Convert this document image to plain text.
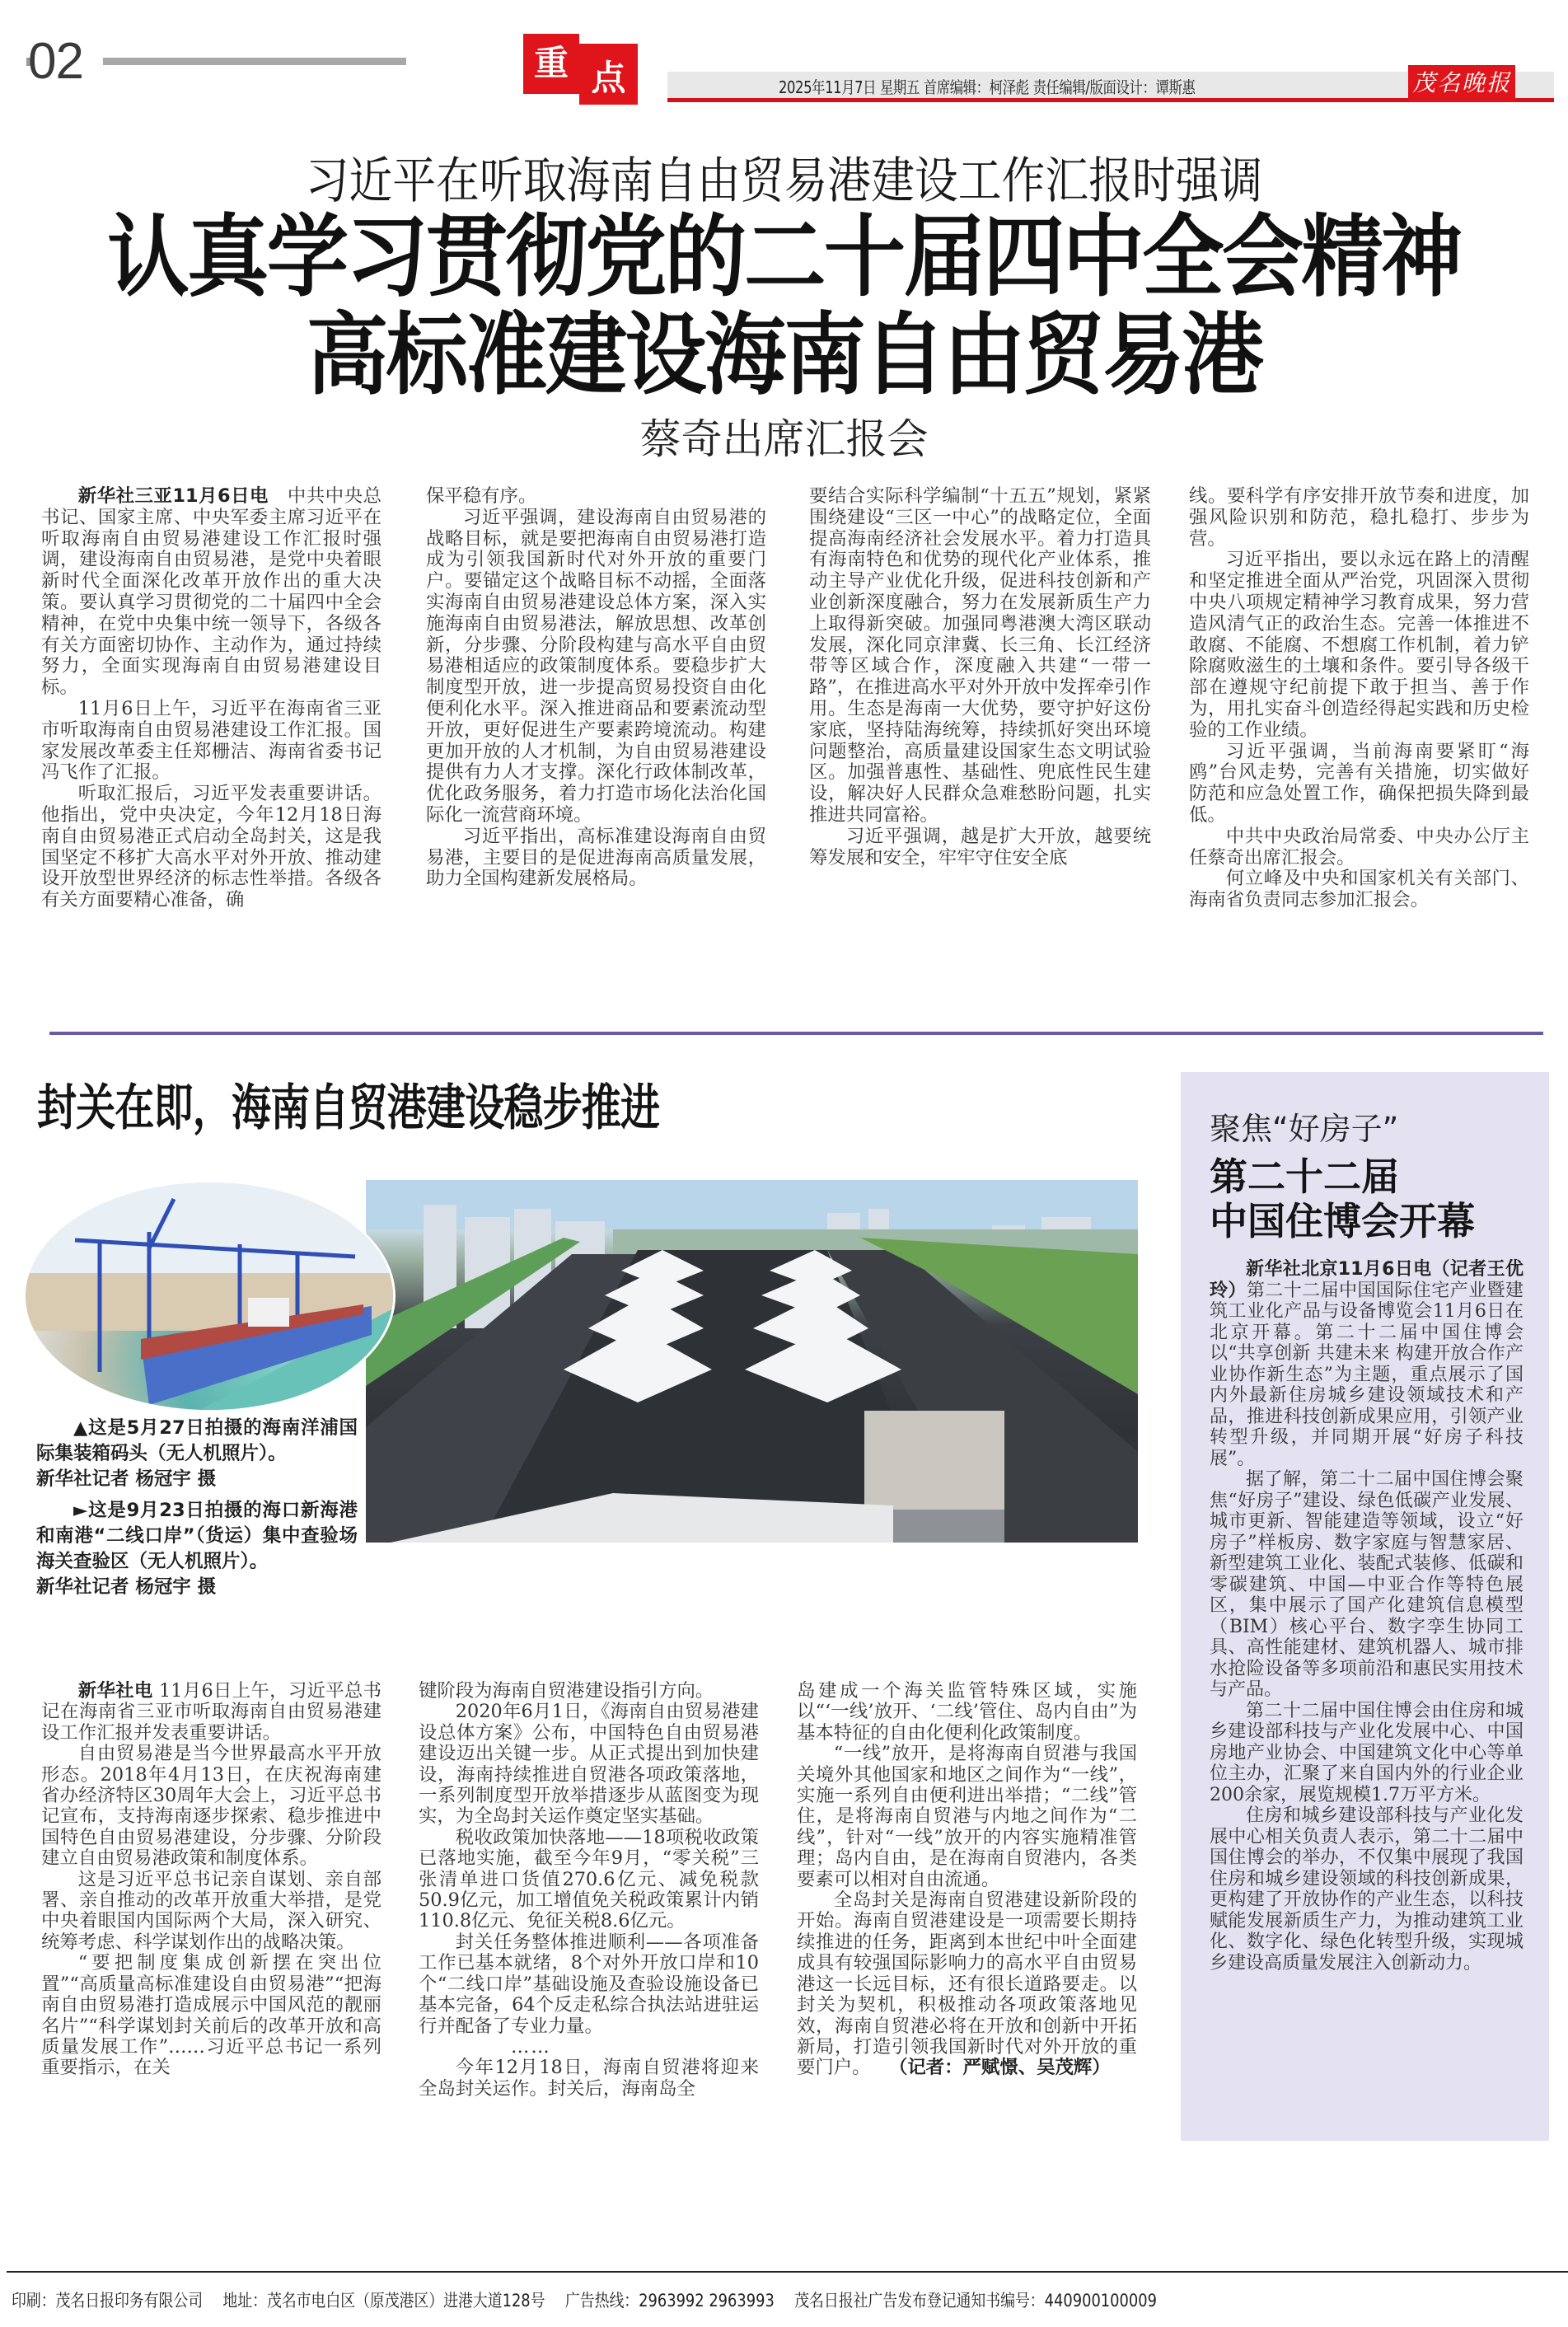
02	重 点	2025年11月7日 星期五 首席编辑：柯泽彪 责任编辑/版面设计：谭斯惠	茂名晚报
习近平在听取海南自由贸易港建设工作汇报时强调
认真学习贯彻党的二十届四中全会精神
高标准建设海南自由贸易港
蔡奇出席汇报会

新华社三亚11月6日电　 中共中央总书记、国家主席、中央军委主席习近平在听取海南自由贸易港建设工作汇报时强调，建设海南自由贸易港，是党中央着眼新时代全面深化改革开放作出的重大决策。要认真学习贯彻党的二十届四中全会精神，在党中央集中统一领导下，各级各有关方面密切协作、主动作为，通过持续努力，全面实现海南自由贸易港建设目标。

11月6日上午，习近平在海南省三亚市听取海南自由贸易港建设工作汇报。国家发展改革委主任郑栅洁、海南省委书记冯飞作了汇报。

听取汇报后，习近平发表重要讲话。他指出，党中央决定，今年12月18日海南自由贸易港正式启动全岛封关，这是我国坚定不移扩大高水平对外开放、推动建设开放型世界经济的标志性举措。各级各有关方面要精心准备，确

保平稳有序。

习近平强调，建设海南自由贸易港的战略目标，就是要把海南自由贸易港打造成为引领我国新时代对外开放的重要门户。要锚定这个战略目标不动摇，全面落实海南自由贸易港建设总体方案，深入实施海南自由贸易港法，解放思想、改革创新，分步骤、分阶段构建与高水平自由贸易港相适应的政策制度体系。要稳步扩大制度型开放，进一步提高贸易投资自由化便利化水平。深入推进商品和要素流动型开放，更好促进生产要素跨境流动。构建更加开放的人才机制，为自由贸易港建设提供有力人才支撑。深化行政体制改革，优化政务服务，着力打造市场化法治化国际化一流营商环境。

习近平指出，高标准建设海南自由贸易港，主要目的是促进海南高质量发展，助力全国构建新发展格局。

要结合实际科学编制“十五五”规划，紧紧围绕建设“三区一中心”的战略定位，全面提高海南经济社会发展水平。着力打造具有海南特色和优势的现代化产业体系，推动主导产业优化升级，促进科技创新和产业创新深度融合，努力在发展新质生产力上取得新突破。加强同粤港澳大湾区联动发展，深化同京津冀、长三角、长江经济带等区域合作，深度融入共建“一带一路”，在推进高水平对外开放中发挥牵引作用。生态是海南一大优势，要守护好这份家底，坚持陆海统筹，持续抓好突出环境问题整治，高质量建设国家生态文明试验区。加强普惠性、基础性、兜底性民生建设，解决好人民群众急难愁盼问题，扎实推进共同富裕。

习近平强调，越是扩大开放，越要统筹发展和安全，牢牢守住安全底

线。要科学有序安排开放节奏和进度，加强风险识别和防范，稳扎稳打、步步为营。

习近平指出，要以永远在路上的清醒和坚定推进全面从严治党，巩固深入贯彻中央八项规定精神学习教育成果，努力营造风清气正的政治生态。完善一体推进不敢腐、不能腐、不想腐工作机制，着力铲除腐败滋生的土壤和条件。要引导各级干部在遵规守纪前提下敢于担当、善于作为，用扎实奋斗创造经得起实践和历史检验的工作业绩。

习近平强调，当前海南要紧盯“海鸥”台风走势，完善有关措施，切实做好防范和应急处置工作，确保把损失降到最低。

中共中央政治局常委、中央办公厅主任蔡奇出席汇报会。

何立峰及中央和国家机关有关部门、海南省负责同志参加汇报会。

封关在即，海南自贸港建设稳步推进

▲这是5月27日拍摄的海南洋浦国际集装箱码头（无人机照片）。

新华社记者 杨冠宇 摄

►这是9月23日拍摄的海口新海港和南港“二线口岸”（货运）集中查验场海关查验区（无人机照片）。

新华社记者 杨冠宇 摄

新华社电 11月6日上午，习近平总书记在海南省三亚市听取海南自由贸易港建设工作汇报并发表重要讲话。

自由贸易港是当今世界最高水平开放形态。2018年4月13日，在庆祝海南建省办经济特区30周年大会上，习近平总书记宣布，支持海南逐步探索、稳步推进中国特色自由贸易港建设，分步骤、分阶段建立自由贸易港政策和制度体系。

这是习近平总书记亲自谋划、亲自部署、亲自推动的改革开放重大举措，是党中央着眼国内国际两个大局，深入研究、统筹考虑、科学谋划作出的战略决策。

“要把制度集成创新摆在突出位置”“高质量高标准建设自由贸易港”“把海南自由贸易港打造成展示中国风范的靓丽名片”“科学谋划封关前后的改革开放和高质量发展工作”……习近平总书记一系列重要指示，在关

键阶段为海南自贸港建设指引方向。

2020年6月1日，《海南自由贸易港建设总体方案》公布，中国特色自由贸易港建设迈出关键一步。从正式提出到加快建设，海南持续推进自贸港各项政策落地，一系列制度型开放举措逐步从蓝图变为现实，为全岛封关运作奠定坚实基础。

税收政策加快落地——18项税收政策已落地实施，截至今年9月，“零关税”三张清单进口货值270.6亿元、减免税款50.9亿元，加工增值免关税政策累计内销110.8亿元、免征关税8.6亿元。

封关任务整体推进顺利——各项准备工作已基本就绪，8个对外开放口岸和10个“二线口岸”基础设施及查验设施设备已基本完备，64个反走私综合执法站进驻运行并配备了专业力量。

……

今年12月18日，海南自贸港将迎来全岛封关运作。封关后，海南岛全

岛建成一个海关监管特殊区域，实施以“‘一线’放开、‘二线’管住、岛内自由”为基本特征的自由化便利化政策制度。

“一线”放开，是将海南自贸港与我国关境外其他国家和地区之间作为“一线”，实施一系列自由便利进出举措；“二线”管住，是将海南自贸港与内地之间作为“二线”，针对“一线”放开的内容实施精准管理；岛内自由，是在海南自贸港内，各类要素可以相对自由流通。

全岛封关是海南自贸港建设新阶段的开始。海南自贸港建设是一项需要长期持续推进的任务，距离到本世纪中叶全面建成具有较强国际影响力的高水平自由贸易港这一长远目标，还有很长道路要走。以封关为契机，积极推动各项政策落地见效，海南自贸港必将在开放和创新中开拓新局，打造引领我国新时代对外开放的重要门户。　　 （记者：严赋憬、吴茂辉）

聚焦“好房子”
第二十二届
中国住博会开幕

新华社北京11月6日电（记者王优玲）第二十二届中国国际住宅产业暨建筑工业化产品与设备博览会11月6日在北京开幕。第二十二届中国住博会以“共享创新 共建未来 构建开放合作产业协作新生态”为主题，重点展示了国内外最新住房城乡建设领域技术和产品，推进科技创新成果应用，引领产业转型升级，并同期开展“好房子科技展”。

据了解，第二十二届中国住博会聚焦“好房子”建设、绿色低碳产业发展、城市更新、智能建造等领域，设立“好房子”样板房、数字家庭与智慧家居、新型建筑工业化、装配式装修、低碳和零碳建筑、中国—中亚合作等特色展区，集中展示了国产化建筑信息模型（BIM）核心平台、数字孪生协同工具、高性能建材、建筑机器人、城市排水抢险设备等多项前沿和惠民实用技术与产品。

第二十二届中国住博会由住房和城乡建设部科技与产业化发展中心、中国房地产业协会、中国建筑文化中心等单位主办，汇聚了来自国内外的行业企业200余家，展览规模1.7万平方米。

住房和城乡建设部科技与产业化发展中心相关负责人表示，第二十二届中国住博会的举办，不仅集中展现了我国住房和城乡建设领域的科技创新成果，更构建了开放协作的产业生态，以科技赋能发展新质生产力，为推动建筑工业化、数字化、绿色化转型升级，实现城乡建设高质量发展注入创新动力。

印刷：茂名日报印务有限公司 地址：茂名市电白区（原茂港区）进港大道128号 广告热线：2963992 2963993 茂名日报社广告发布登记通知书编号：440900100009
